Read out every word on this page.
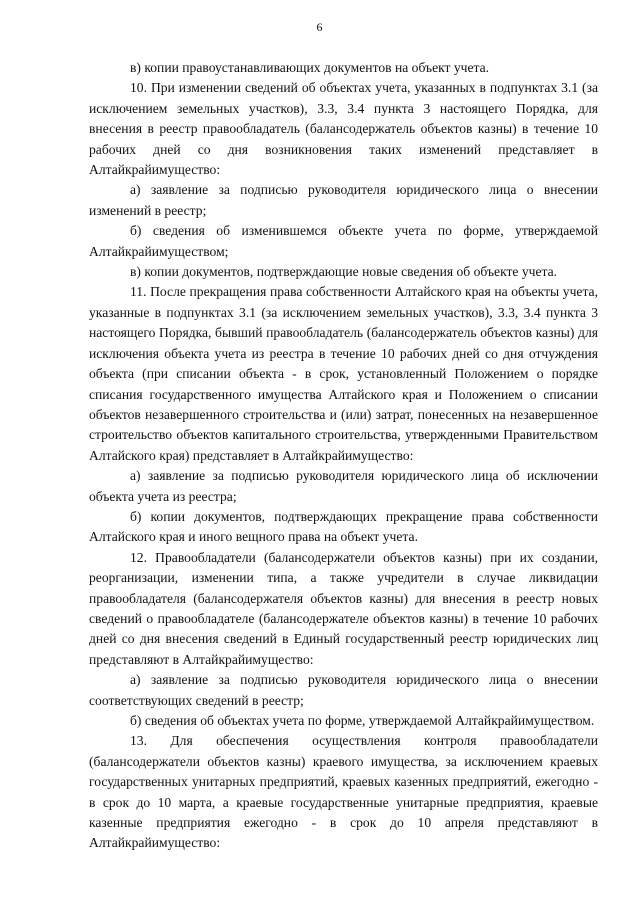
6

в) копии правоустанавливающих документов на объект учета.

10. При изменении сведений об объектах учета, указанных в подпунктах 3.1 (за исключением земельных участков), 3.3, 3.4 пункта 3 настоящего Порядка, для внесения в реестр правообладатель (балансодержатель объектов казны) в течение 10 рабочих дней со дня возникновения таких изменений представляет в Алтайкрайимущество:

а) заявление за подписью руководителя юридического лица о внесении изменений в реестр;

б) сведения об изменившемся объекте учета по форме, утверждаемой Алтайкрайимуществом;

в) копии документов, подтверждающие новые сведения об объекте учета.

11. После прекращения права собственности Алтайского края на объекты учета, указанные в подпунктах 3.1 (за исключением земельных участков), 3.3, 3.4 пункта 3 настоящего Порядка, бывший правообладатель (балансодержатель объектов казны) для исключения объекта учета из реестра в течение 10 рабочих дней со дня отчуждения объекта (при списании объекта - в срок, установленный Положением о порядке списания государственного имущества Алтайского края и Положением о списании объектов незавершенного строительства и (или) затрат, понесенных на незавершенное строительство объектов капитального строительства, утвержденными Правительством Алтайского края) представляет в Алтайкрайимущество:

а) заявление за подписью руководителя юридического лица об исключении объекта учета из реестра;

б) копии документов, подтверждающих прекращение права собственности Алтайского края и иного вещного права на объект учета.

12. Правообладатели (балансодержатели объектов казны) при их создании, реорганизации, изменении типа, а также учредители в случае ликвидации правообладателя (балансодержателя объектов казны) для внесения в реестр новых сведений о правообладателе (балансодержателе объектов казны) в течение 10 рабочих дней со дня внесения сведений в Единый государственный реестр юридических лиц представляют в Алтайкрайимущество:

а) заявление за подписью руководителя юридического лица о внесении соответствующих сведений в реестр;

б) сведения об объектах учета по форме, утверждаемой Алтайкрайимуществом.

13. Для обеспечения осуществления контроля правообладатели (балансодержатели объектов казны) краевого имущества, за исключением краевых государственных унитарных предприятий, краевых казенных предприятий, ежегодно - в срок до 10 марта, а краевые государственные унитарные предприятия, краевые казенные предприятия ежегодно - в срок до 10 апреля представляют в Алтайкрайимущество:
